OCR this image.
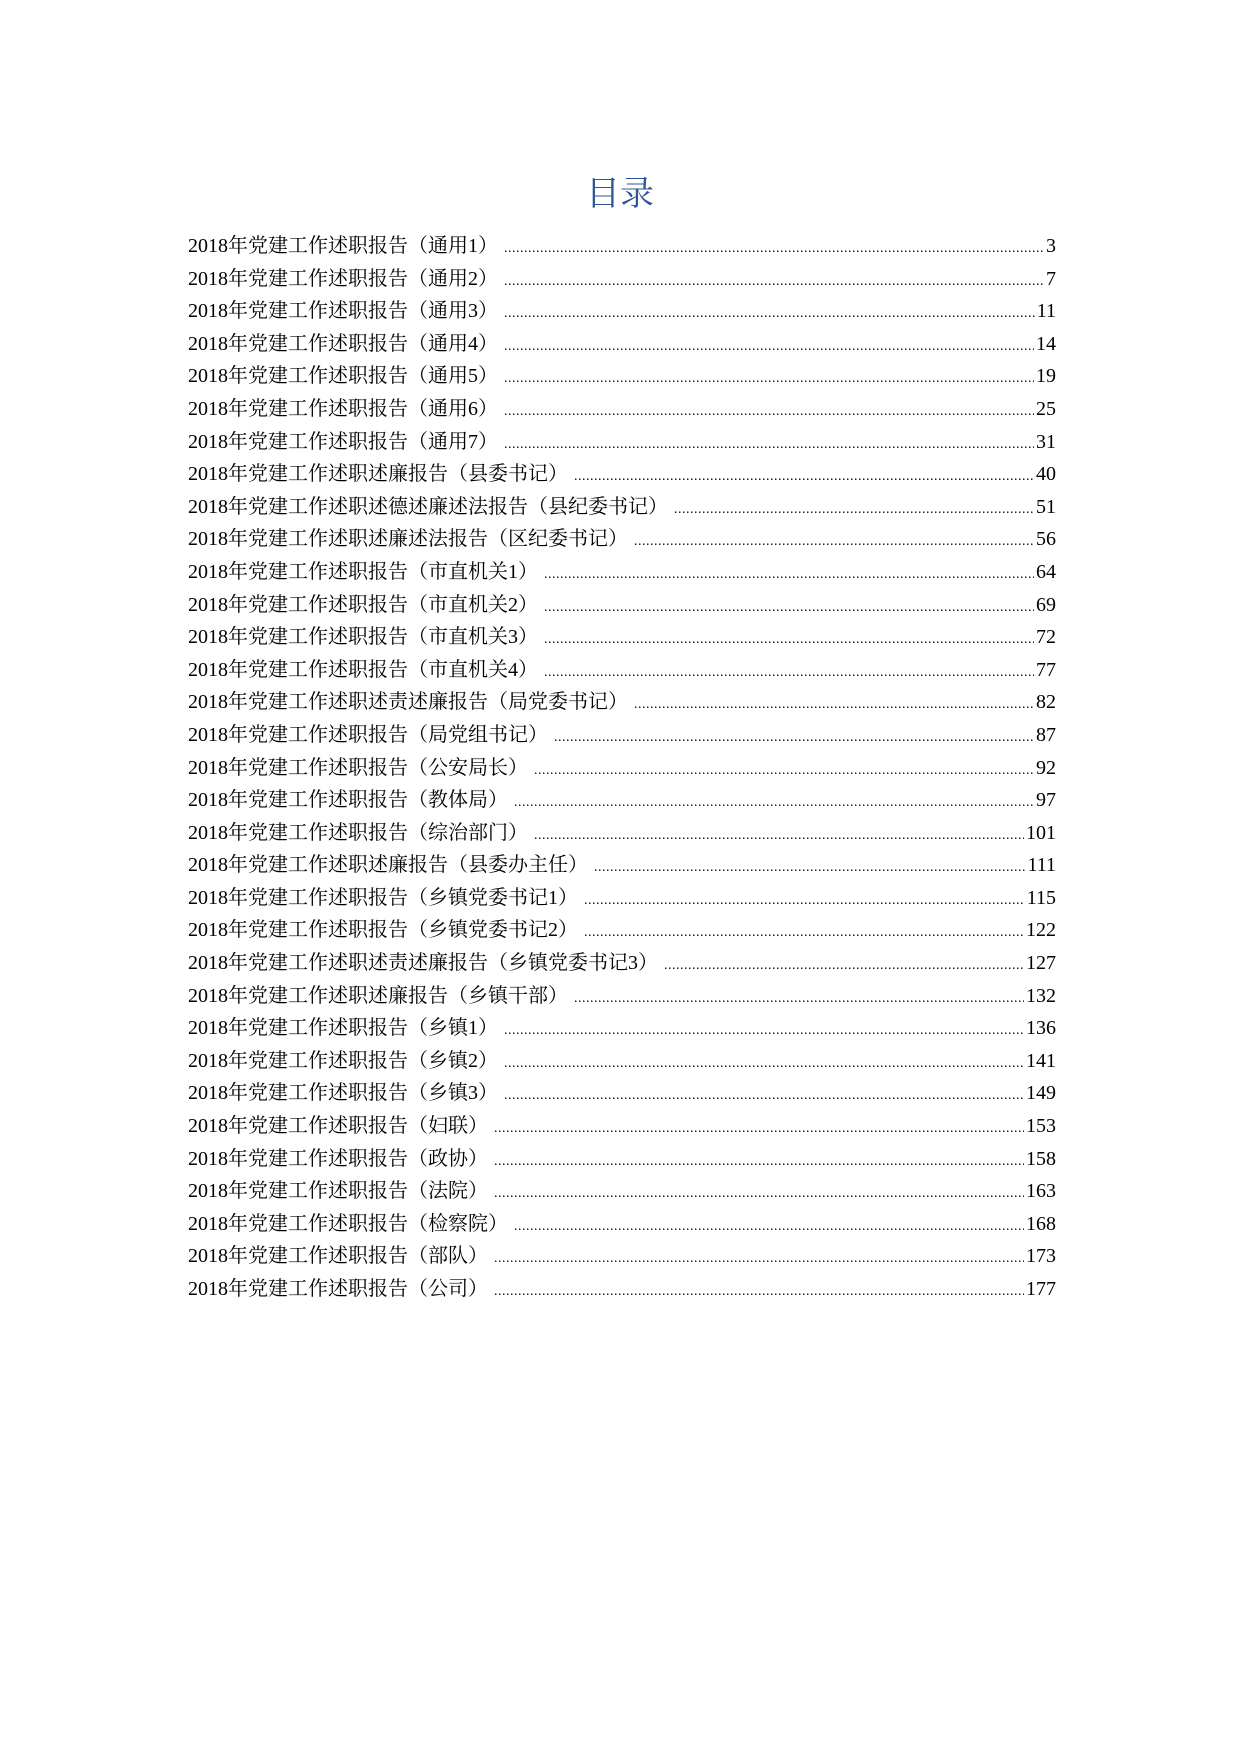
目录
2018年党建工作述职报告（通用1） .....	3
2018年党建工作述职报告（通用2） .....	7
2018年党建工作述职报告（通用3） .....	11
2018年党建工作述职报告（通用4） .....	14
2018年党建工作述职报告（通用5） .....	19
2018年党建工作述职报告（通用6） .....	25
2018年党建工作述职报告（通用7） .....	31
2018年党建工作述职述廉报告（县委书记） .....	40
2018年党建工作述职述德述廉述法报告（县纪委书记） .....	51
2018年党建工作述职述廉述法报告（区纪委书记） .....	56
2018年党建工作述职报告（市直机关1） .....	64
2018年党建工作述职报告（市直机关2） .....	69
2018年党建工作述职报告（市直机关3） .....	72
2018年党建工作述职报告（市直机关4） .....	77
2018年党建工作述职述责述廉报告（局党委书记） .....	82
2018年党建工作述职报告（局党组书记） .....	87
2018年党建工作述职报告（公安局长） .....	92
2018年党建工作述职报告（教体局） .....	97
2018年党建工作述职报告（综治部门） .....	101
2018年党建工作述职述廉报告（县委办主任） .....	111
2018年党建工作述职报告（乡镇党委书记1） .....	115
2018年党建工作述职报告（乡镇党委书记2） .....	122
2018年党建工作述职述责述廉报告（乡镇党委书记3） .....	127
2018年党建工作述职述廉报告（乡镇干部） .....	132
2018年党建工作述职报告（乡镇1） .....	136
2018年党建工作述职报告（乡镇2） .....	141
2018年党建工作述职报告（乡镇3） .....	149
2018年党建工作述职报告（妇联） .....	153
2018年党建工作述职报告（政协） .....	158
2018年党建工作述职报告（法院） .....	163
2018年党建工作述职报告（检察院） .....	168
2018年党建工作述职报告（部队） .....	173
2018年党建工作述职报告（公司） .....	177
